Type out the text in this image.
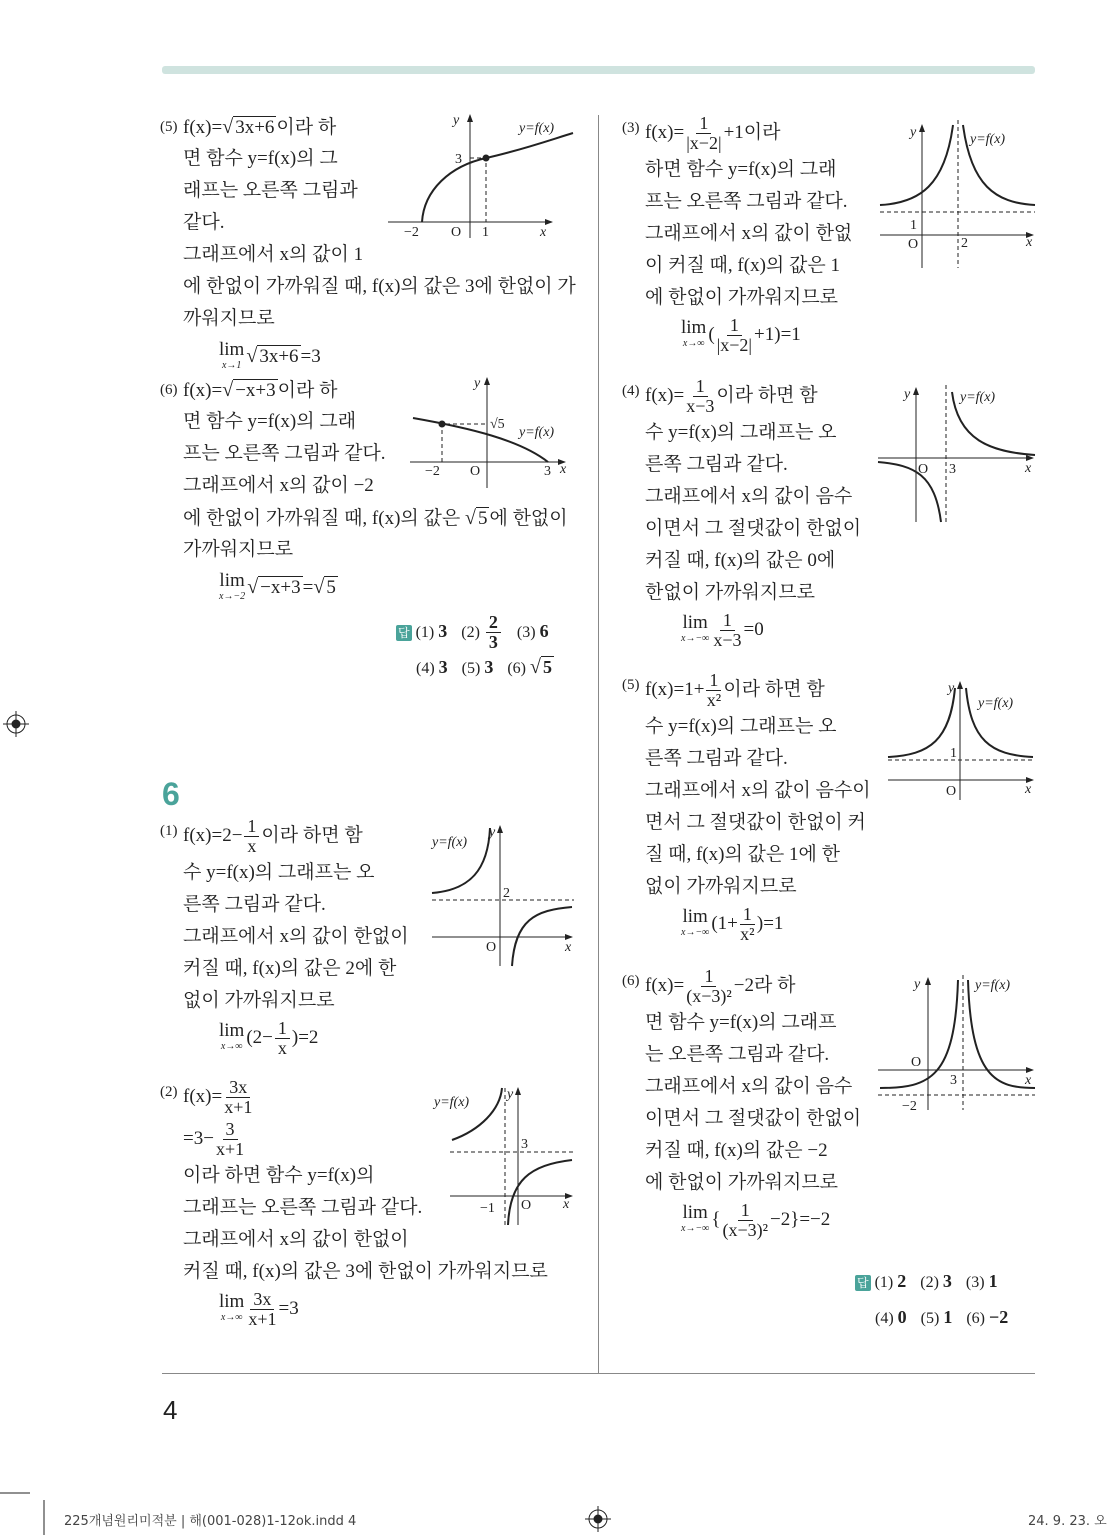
(5) f(x)=√ 3x+6 이라 하
면 함수 y=f(x)의 그
래프는 오른쪽 그림과
같다.
그래프에서 x의 값이 1
에 한없이 가까워질 때, f(x)의 값은 3에 한없이 가
까워지므로
lim
x→1 √ 3x+6 =3
(6) f(x)=√ −x+3 이라 하
면 함수 y=f(x)의 그래
프는 오른쪽 그림과 같다.
그래프에서 x의 값이 −2
에 한없이 가까워질 때, f(x)의 값은 √ 5 에 한없이
가까워지므로
lim
x→−2 √ −x+3 =√ 5
답 (1) 3 $(2) \frac{2}{3} (3)$ 6
(4) 3 (5) 3 (6) √ 5
6
(1) $f(x)=2- \frac{1}{x}$ 이라 하면 함
수 y=f(x)의 그래프는 오
른쪽 그림과 같다.
그래프에서 x의 값이 한없이
커질 때, f(x)의 값은 2에 한
없이 가까워지므로
lim
x→∞ $(2- \frac{1}{x} )=2$
(2) $f(x)= \frac{3x}{x+1}$
$=3- \frac{3}{x+1}$
이라 하면 함수 y=f(x)의
그래프는 오른쪽 그림과 같다.
그래프에서 x의 값이 한없이
커질 때, f(x)의 값은 3에 한없이 가까워지므로
lim
$x\to\infty \frac{3x}{x+1} =3$
(3) $f(x)= \frac{1}{|x-2|} +1$이라
하면 함수 y=f(x)의 그래
프는 오른쪽 그림과 같다.
그래프에서 x의 값이 한없
이 커질 때, f(x)의 값은 1
에 한없이 가까워지므로
lim
x→∞ ( $\frac{1}{|x-2|} +1)=1$
(4) $f(x)= \frac{1}{x-3}$ 이라 하면 함
수 y=f(x)의 그래프는 오
른쪽 그림과 같다.
그래프에서 x의 값이 음수
이면서 그 절댓값이 한없이
커질 때, f(x)의 값은 0에
한없이 가까워지므로
lim
$x\to-\infty \frac{1}{x-3} =0$
(5) $f(x)=1+ \frac{1}{\text{x²}}$ 이라 하면 함
수 y=f(x)의 그래프는 오
른쪽 그림과 같다.
그래프에서 x의 값이 음수이
면서 그 절댓값이 한없이 커
질 때, f(x)의 값은 1에 한
없이 가까워지므로
lim
x→−∞ $(1+ \frac{1}{\text{x²}} )=1$
(6) $f(x)= \frac{1}{\text{(x−3)²}} -2$라 하
면 함수 y=f(x)의 그래프
는 오른쪽 그림과 같다.
그래프에서 x의 값이 음수
이면서 그 절댓값이 한없이
커질 때, f(x)의 값은 −2
에 한없이 가까워지므로
lim
x→−∞ { $\frac{1}{\text{(x−3)²}} -2\}=-2$
답 (1) 2 (2) 3 (3) 1
(4) 0 (5) 1 (6) −2
4
225개념원리미적분 | 해(001-028)1-12ok.indd 4	24. 9. 23. 오
y
y=f(x)
3
−2 O 1	x
y
√5
y=f(x)
−2 O	3 x
y=f(x)
y
2
O	x
y=f(x)
y
3
−1 O x
y	y=f(x)
1
O	2	x
y	y=f(x)
O 3	x
y
y=f(x)
1
O	x
y	y=f(x)
O
3	x
−2
